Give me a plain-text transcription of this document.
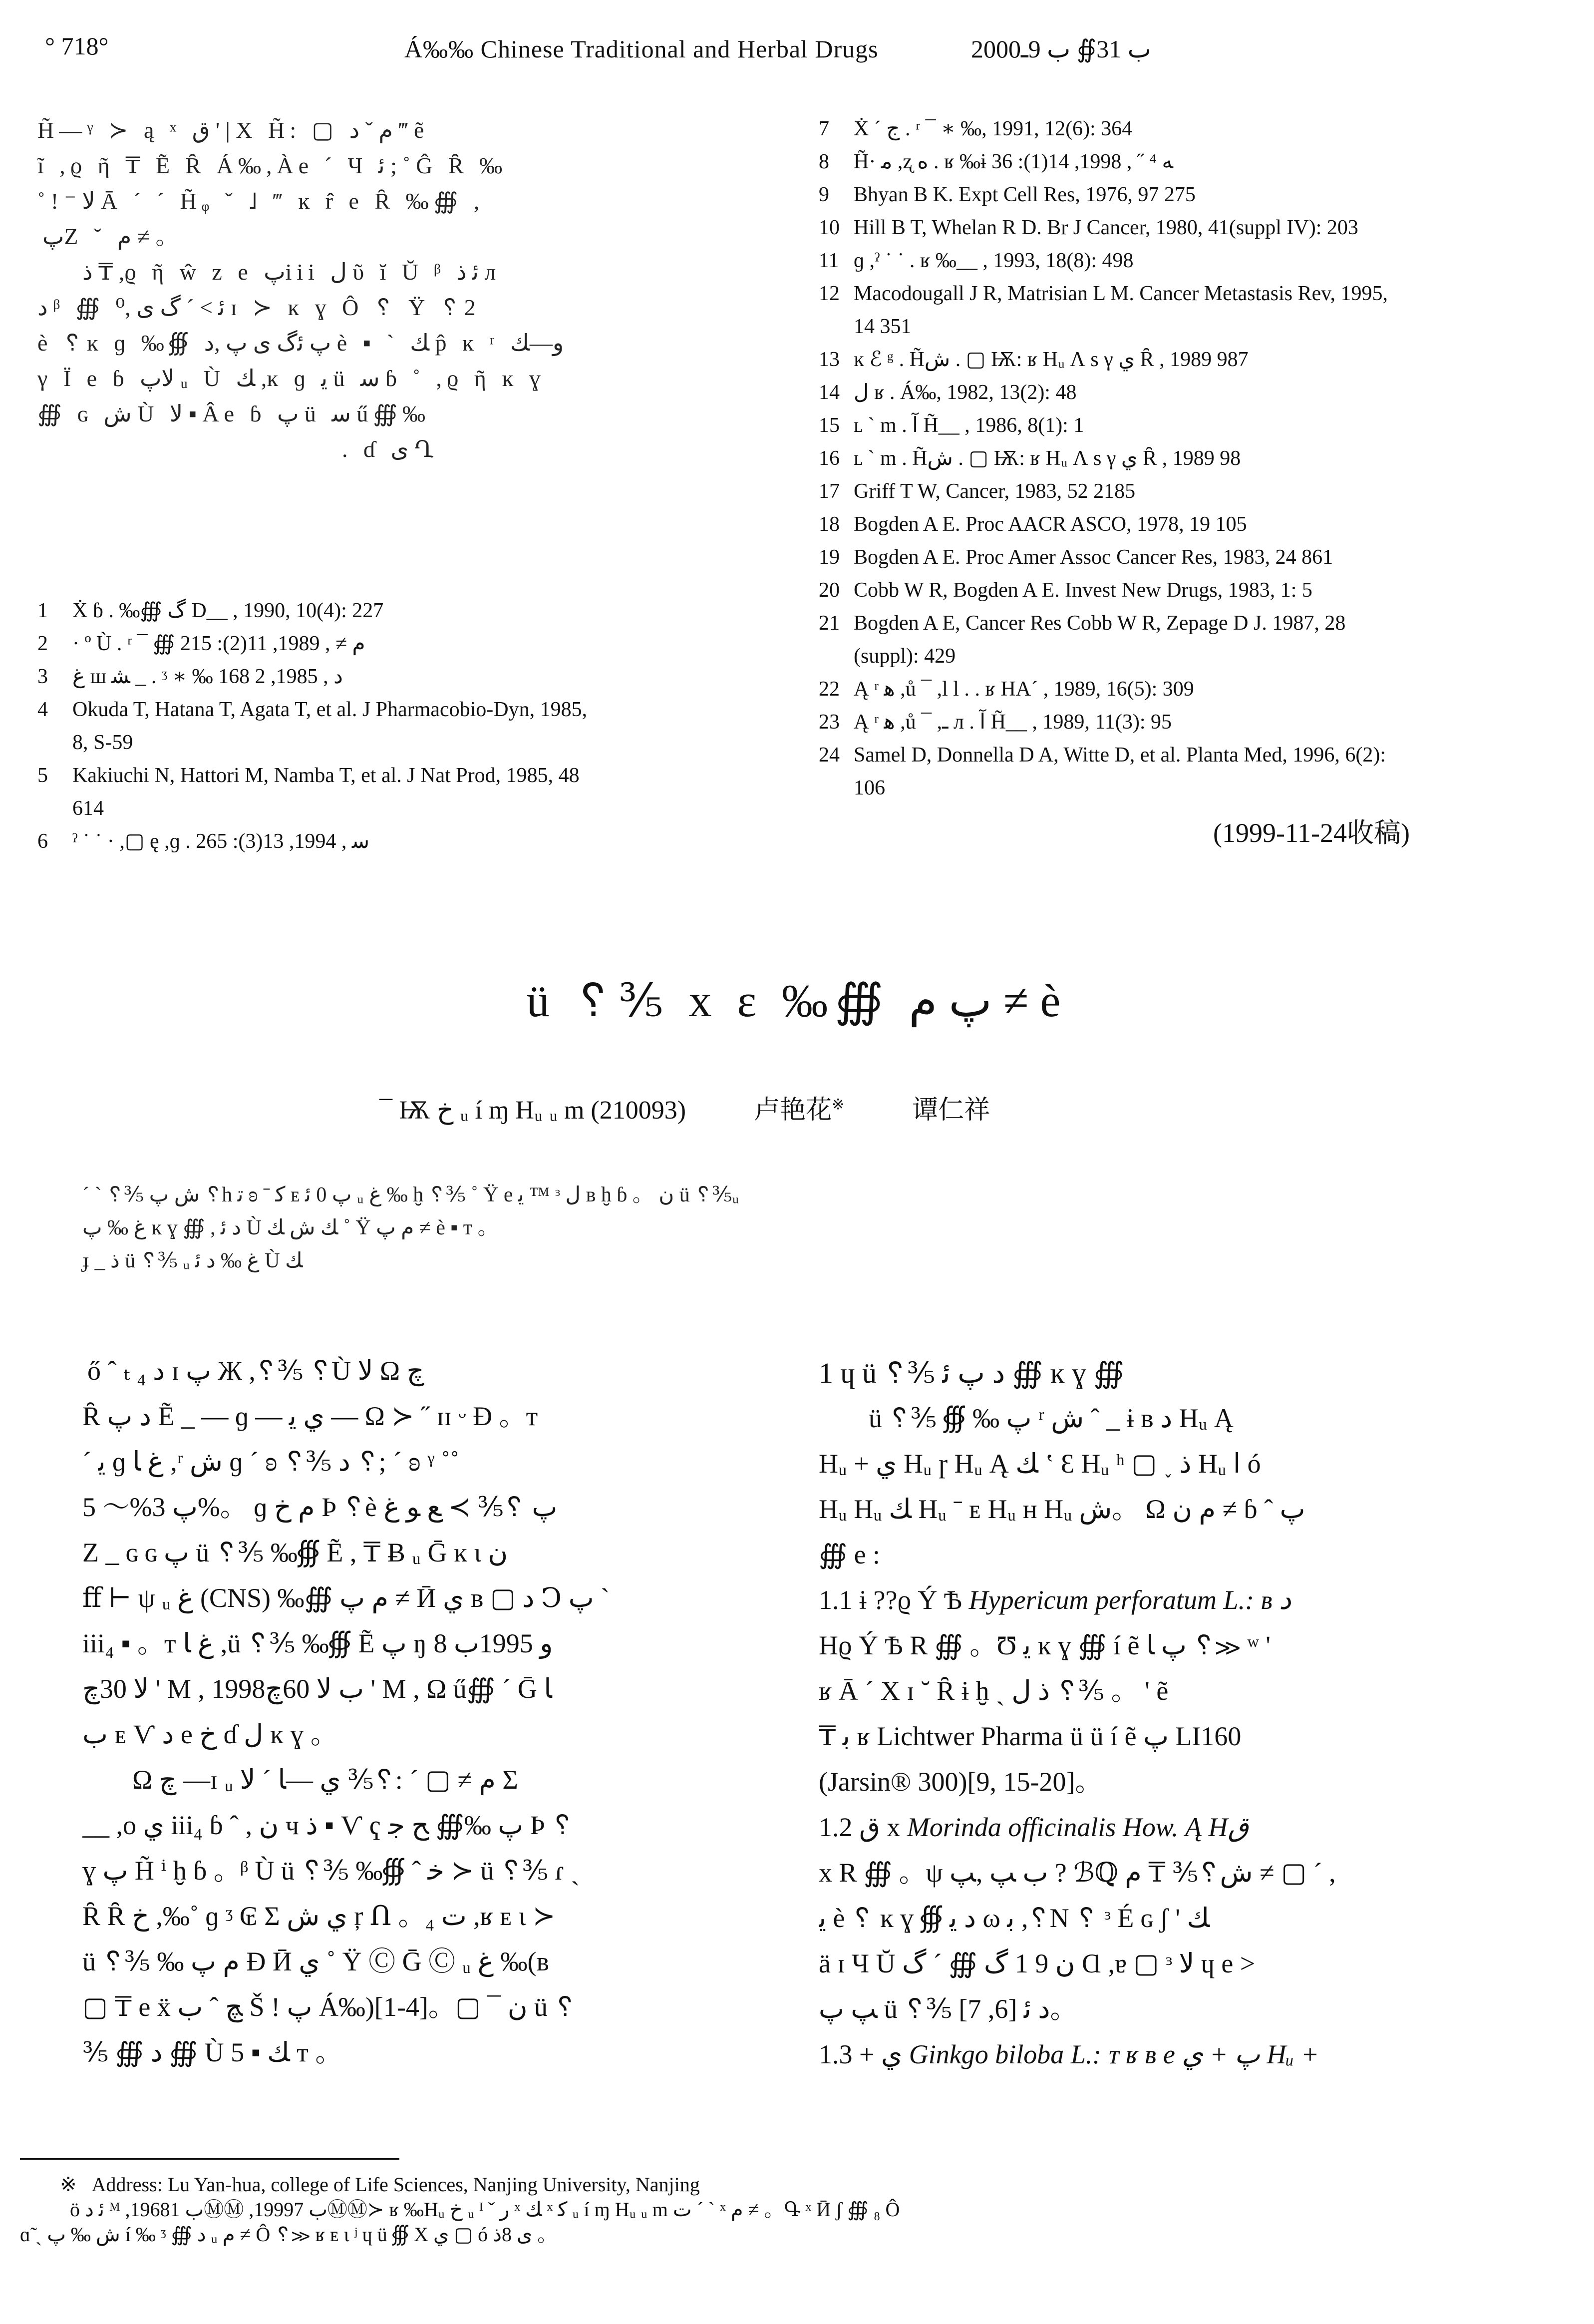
° 718°	Á‰‰ Chinese Traditional and Herbal Drugs	2000ب 31∯ ب 9ـ
H̃—ᵞ ≻ ą ˣ ق ' | X H̃: ▢ ﻡ ˇ ﺩ ‴ ẽ
ĩ ,ϱ ῆ ₸ Ẽ Ȓ Á‰,Àe ´ Ч ﺋ ; ˚ Ĝ Ȓ ‰
˚ ! ⁻ ﻻ Ā ´ ˊ H̃ᵩ ˇ ˩ ‴ ĸ r̂ e Ȓ ‰∰ ,
پZ ˘ ﻡ ≠ 。
ﺫ ₸ ,ϱ ῆ ŵ z e پiii ﻝ ῦ ĭ Ŭ ᵝ ﺋ ﺫ л
ﺩ ᵝ ∰ ﺋ > ´ گ ى ,⁰ ɪ ≻ ĸ ɣ Ô ␦ Ÿ ␦2
è ␦ĸ ɡ ‰∰ پ ﺋگ ى پ ,ﺩ è ▪ ` ﻚ p̂ ĸ ʳ و—ﻚ
γ Ï e ɓ ﻻپ ᵤ Ù ﻚ ,ĸ ɡ ﻳ ü ﺳ ɓ ˚ ,ϱ ῆ ĸ ɣ
∰ ɢ ش Ù ﻻ ▪ Âe ɓ پ ü ﺳ ű∰‰
. ɗ ى Ղ
1 Ẋ ɓ . ‰∰ گ D__ , 1990, 10(4): 227
2 · º Ù . ʳ ¯ ∰ ﻡ ≠ , 1989, 11(2): 215
3 غ ш ﺸ _ . ᶾ ∗ ‰ ﺩ , 1985, 2 168
4 Okuda T, Hatana T, Agata T, et al. J Pharmacobio-Dyn, 1985,
8, S-59
5 Kakiuchi N, Hattori M, Namba T, et al. J Nat Prod, 1985, 48
614
6 ˀ ˙ ˙ · ,▢ ę ,ɡ . ﺳ , 1994, 13(3): 265
7 Ẋ ´ ج . ʳ ¯ ∗ ‰, 1991, 12(6): 364
8 H̃· ﻣ ,ʐ ﻩ . ʁ ‰ɨ ﻪ ⁴ ˝ , 1998, 14(1): 36
9 Bhyan B K. Expt Cell Res, 1976, 97 275
10 Hill B T, Whelan R D. Br J Cancer, 1980, 41(suppl IV): 203
11 ɡ ,ˀ ˙ ˙ . ʁ ‰__ , 1993, 18(8): 498
12 Macodougall J R, Matrisian L M. Cancer Metastasis Rev, 1995,
14 351
13 ĸ ℰ ᵍ . H̃ش . ▢ Ѭ: ʁ Hᵤ Ʌ s γ ي Ȓ , 1989 987
14 ﻝ ʁ . Á‰, 1982, 13(2): 48
15 ʟ ` m . ﺁ H̃__ , 1986, 8(1): 1
16 ʟ ` m . H̃ش . ▢ Ѭ: ʁ Hᵤ Ʌ s γ ي Ȓ , 1989 98
17 Griff T W, Cancer, 1983, 52 2185
18 Bogden A E. Proc AACR ASCO, 1978, 19 105
19 Bogden A E. Proc Amer Assoc Cancer Res, 1983, 24 861
20 Cobb W R, Bogden A E. Invest New Drugs, 1983, 1: 5
21 Bogden A E, Cancer Res Cobb W R, Zepage D J. 1987, 28
(suppl): 429
22 Ą ʳ ﻫ ,ů ¯ ,l l . . ʁ HA´ , 1989, 16(5): 309
23 Ą ʳ ﻫ ,ů ¯ ,ـ л . ﺁ H̃__ , 1989, 11(3): 95
24 Samel D, Donnella D A, Witte D, et al. Planta Med, 1996, 6(2):
106
(1999-11-24收稿)
ü ␦⅗ x ε ‰∰ پ ﻡ ≠ è
¯ Ѭ خ ᵤ í ɱ Hᵤ ᵤ m (210093)	卢艳花※	谭仁祥
ˊ ` ␦⅗ ش پ ␦h ﺗ ʚ ˉ ﻛ ᴇ پ 0 ﺋ ᵤ ﻍ ‰ ḫ ␦⅗ ˚ Ÿ e ﻳ ™ ᵌ ﻝ ʙ ḫ ɓ 。 ﻥ ü ␦⅗ᵤ
ﻍ ‰ پ ĸ ɣ ∰ , ﺩ ﺋ Ù ﻚ ش ﻚ ˚ Ÿ ﻡ پ ≠ è ▪ ᴛ 。
ɟ _ ﺫ ü ␦⅗ ᵤ ﻍ ‰ ﺩ ﺋ Ù ﻚ
ő ˆ ₜ ﺩ ₄ ɪ پ Ж ,␦⅗ ␦Ù ﻻ Ω چ
Ȓ ﺩ پ Ẽ _ — ɡ — ي ﻳ — Ω ≻ ˝ ɪɪ ᵕ Ɖ 。ᴛ
´ ﻳ ɡ ﻍ ﺎ ,ʳ ﺵ ɡ ˊ ʚ ␦⅗ ﺩ ␦; ˊ ʚ ᵞ ˚˚
پ 3%～ 5%。 ɡ ﻡ ﺥ Þ ␦è پ ␦⅗ ≻ ﻊ ﻮ ﻍ
Z _ ɢ ɢ پ ü ␦⅗ ‰∰ Ẽ , ₸ Ƀ ᵤ Ḡ ĸ ɩ ﻥ
ﬀ ⊢ ψ ᵤ ﻍ (CNS) ‰∰ ﻡ پ ≠ Ӣ ي ʙ ▢ ﺩ Ↄ پ `
iii₄ ▪ 。ᴛ ﻍ ﺎ ,ü ␦⅗ ‰∰ Ẽ پ ŋ 8 ﻭ 1995ب
ﻻ 30چ ' M , 1998ب ﻻ 60چ ' M , Ω ű∰ ´ Ḡ ﺎ
ب ᴇ Ѵ ﺩ e خ ɗ ﻝ ĸ ɣ 。
Ω چ —ɪ ᵤ ﻡ ≠ ▢ ´ :␦⅗ ي —ﺎ ˊ ﻻ Σ
__ ,o ي iii₄ ɓ ˆ , ﻥ ч ﺫ ▪ Ѵ ҁ پ ‰∰ ﺢ ﺟ Þ ␦
ɣ پ H̃ ⁱ ḫ ɓ 。ᵝ Ù ü ␦⅗ ‰∰ ˆ ﺧ ≻ ü ␦⅗ ɾ ˎ
Ȓ Ȓ خ ,‰˚ ɡ ᶾ ₢ Σ ي ش ŗ Ո 。₄ ﺕ ,ʁ ᴇ ɩ ≻
ü ␦⅗ ‰ ﻡ پ Ɖ Ӣ ي ˚ Ÿ Ⓒ Ḡ Ⓒ ᵤ ﻍ ‰(ʙ
▢ ₸ e ẍ ﭻ ˆ ب Š ! پ Á‰)[1-4]。▢ ¯ ﻥ ü ␦
⅗ ∰ ﺩ ∰ Ù ﻚ ▪ 5 ᴛ 。
1 ɥ ü ␦⅗ ﺩ پ ﺋ ∰ ĸ ɣ ∰
ü ␦⅗ ∰ ‰ پ ʳ ﺵ ˆ _ ɨ ʙ ﺩ Hᵤ Ą
Hᵤ + ﻱ Hᵤ ɼ Hᵤ Ą ﻚ ‛ Ɛ Hᵤ ʰ ▢ ˯ ﺫ Hᵤ ﺍ ó
Hᵤ Hᵤ ﻚ Hᵤ ˉ ᴇ Hᵤ ʜ Hᵤ ش。 Ω ﻡ ﻥ ≠ ɓ ˆ پ
∰ e :
1.1 ɨ ??ϱ Ý Ѣ Hypericum perforatum L.: ʙ ﺩ
Hϱ Ý Ѣ R ∰ 。Ʊ ﻳ ĸ ɣ ∰ í ẽ پ ﺎ ␦≫ ʷ '
ʁ Ā ˊ Χ ɪ ˘ Ȓ ɨ ḫ ˎ ﺫ ﻝ ␦⅗ 。 ' ẽ
₸ ﺑ ʁ Lichtwer Pharma ü ü í ẽ پ LI160
(Jarsin® 300)[9, 15-20]。
1.2 ﻕ x Morinda officinalis How. Ą Hق
x R ∰ 。ψ ب ﭗ ,ﭗ ? ℬℚ ش␦⅗ ₸ ﻡ ≠ ▢ ´ ,
ﻳ è ␦ ĸ ɣ ∰ ﺩ ﻳ ω ﺑ ,␦N ␦ ᵌ É ɢ ʃ ' ﻚ
ä ɪ Ч Ŭ ﻥ 9 1 گ ∰ ´ گ Ɑ ,ɐ ▢ ᵌ ﻻ ɥ e >
ﭗ پ ü ␦⅗ ﺩ ﺋ [6, 7]。
1.3 + ﻱ Ginkgo biloba L.: ᴛ ʁ ʙ e پ + ﻱ Hᵤ +
※ Address: Lu Yan-hua, college of Life Sciences, Nanjing University, Nanjing
ö ﺋ ﺩ ᴹ ,1968ب 1ⓂⓂ ,1999ب 7ⓂⓂ≻ ʁ ‰Hᵤ خ ᵤ ᴵ ˇ ﺭ ˣ ﻚ ˣ ﻛ ᵤ í ɱ Hᵤ ᵤ m ﺕ ˊ ` ˣ ﻡ ≠ 。Գ ˣ Ӣ ʃ ∰ ₈ Ô
ɑ̃ ˎ ش ‰ پ í ‰ ᶾ ∰ ﺩ ᵤ ﻡ ≠ Ô ␦≫ ʁ ᴇ ɩ ʲ ɥ ü ∰ Χ ي ▢ ó ى 8ﺫ 。
